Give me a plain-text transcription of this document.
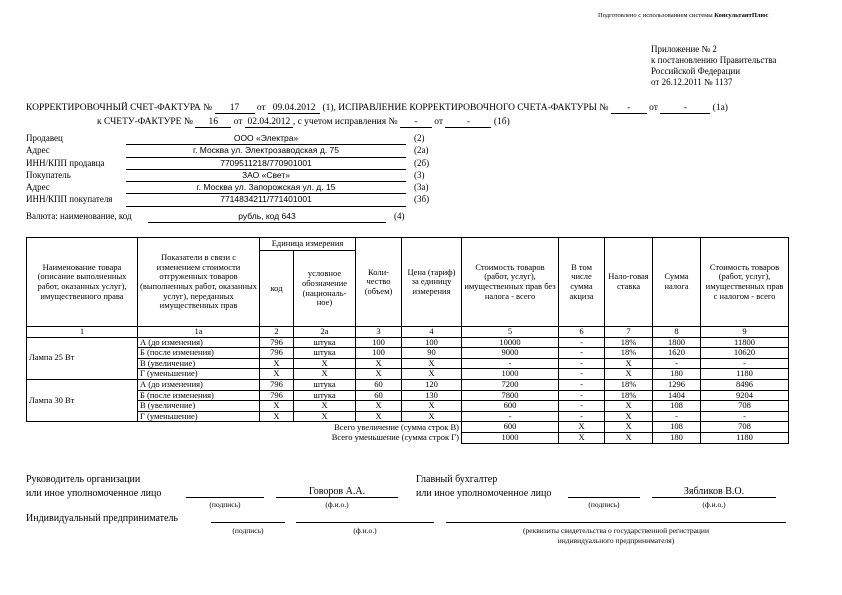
Подготовлено с использованием системы КонсультантПлюс
Приложение № 2
к постановлению Правительства
Российской Федерации
от 26.12.2011 № 1137
КОРРЕКТИРОВОЧНЫЙ СЧЕТ-ФАКТУРА № 17 от 09.04.2012 (1), ИСПРАВЛЕНИЕ КОРРЕКТИРОВОЧНОГО СЧЕТА-ФАКТУРЫ № - от	-	(1а)
к СЧЕТУ-ФАКТУРЕ № 16 от 02.04.2012 , с учетом исправления № - от	-	(1б)
Продавец	ООО «Электра»	(2)
Адрес	г. Москва ул. Электрозаводская д. 75	(2а)
ИНН/КПП продавца	7709511218/770901001	(2б)
Покупатель	ЗАО «Свет»	(3)
Адрес	г. Москва ул. Запорожская ул. д. 15	(3а)
ИНН/КПП покупателя	7714834211/771401001	(3б)
Валюта: наименование, код	рубль, код 643	(4)
Наименование товара (описание выполненных работ, оказанных услуг), имущественного права	Показатели в связи с изменением стоимости отгруженных товаров (выполненных работ, оказанных услуг), переданных имущественных прав	Единица измерения		Коли-чество (объем)	Цена (тариф) за единицу измерения	Стоимость товаров (работ, услуг), имущественных прав без налога - всего	В том числе сумма акциза	Нало-говая ставка	Сумма налога	Стоимость товаров (работ, услуг), имущественных прав с налогом - всего
		код	условное обозначение (националь-ное)							
1	1а	2	2а	3	4	5	6	7	8	9
Лампа 25 Вт	А (до изменения)	796	штука	100	100	10000	-	18%	1800	11800
	Б (после изменения)	796	штука	100	90	9000	-	18%	1620	10620
	В (увеличение)	X	X	X	X	-	-	X	-	-
	Г (уменьшение)	X	X	X	X	1000	-	X	180	1180
Лампа 30 Вт	А (до изменения)	796	штука	60	120	7200	-	18%	1296	8496
	Б (после изменения)	796	штука	60	130	7800	-	18%	1404	9204
	В (увеличение)	X	X	X	X	600	-	X	108	708
	Г (уменьшение)	X	X	X	X	-	-	X	-	-
Всего увеличение (сумма строк В)						600	X	X	108	708
Всего уменьшение (сумма строк Г)						1000	X	X	180	1180
Руководитель организации
или иное уполномоченное лицо	Говоров А.А.
(подпись)	(ф.и.о.)
Главный бухгалтер
или иное уполномоченное лицо	Зябликов В.О.
(подпись)	(ф.и.о.)
Индивидуальный предприниматель
(подпись)	(ф.и.о.)	(реквизиты свидетельства о государственной регистрации
индивидуального предпринимателя)
